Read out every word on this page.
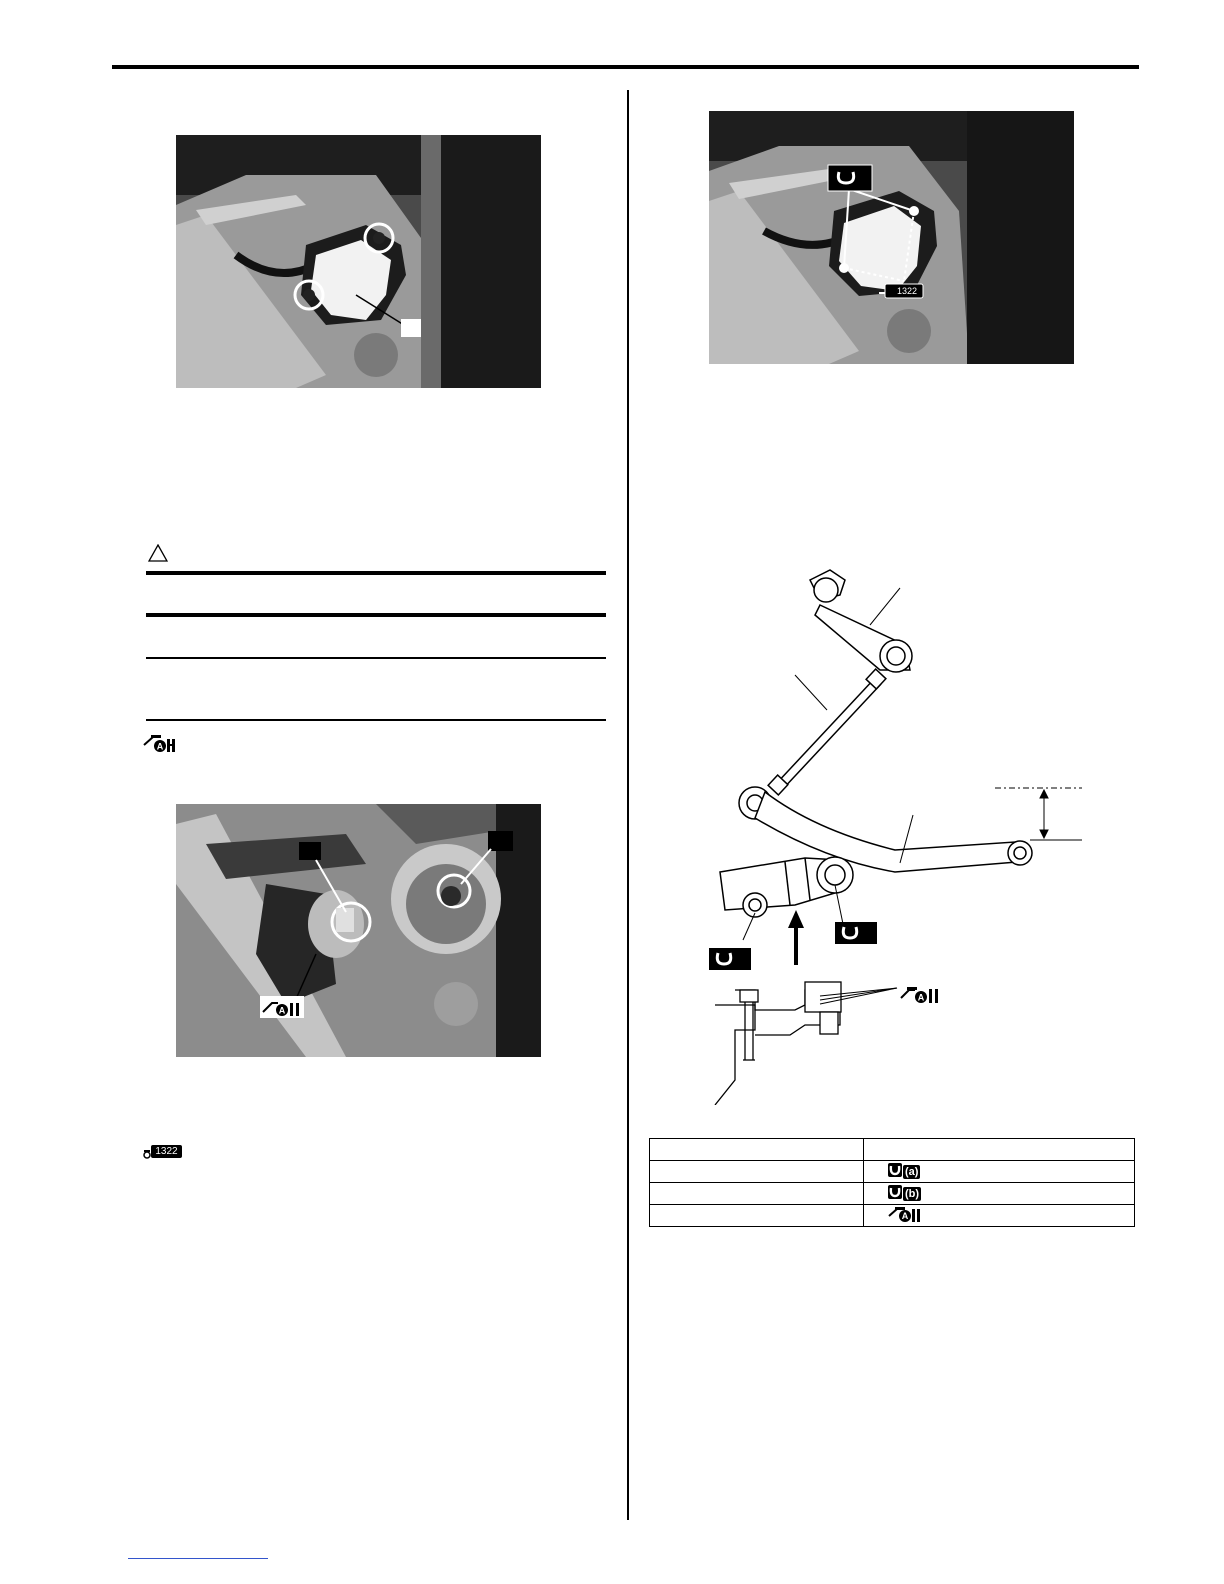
A
A
1322
1322
A

	(a)

	(b)

	A
